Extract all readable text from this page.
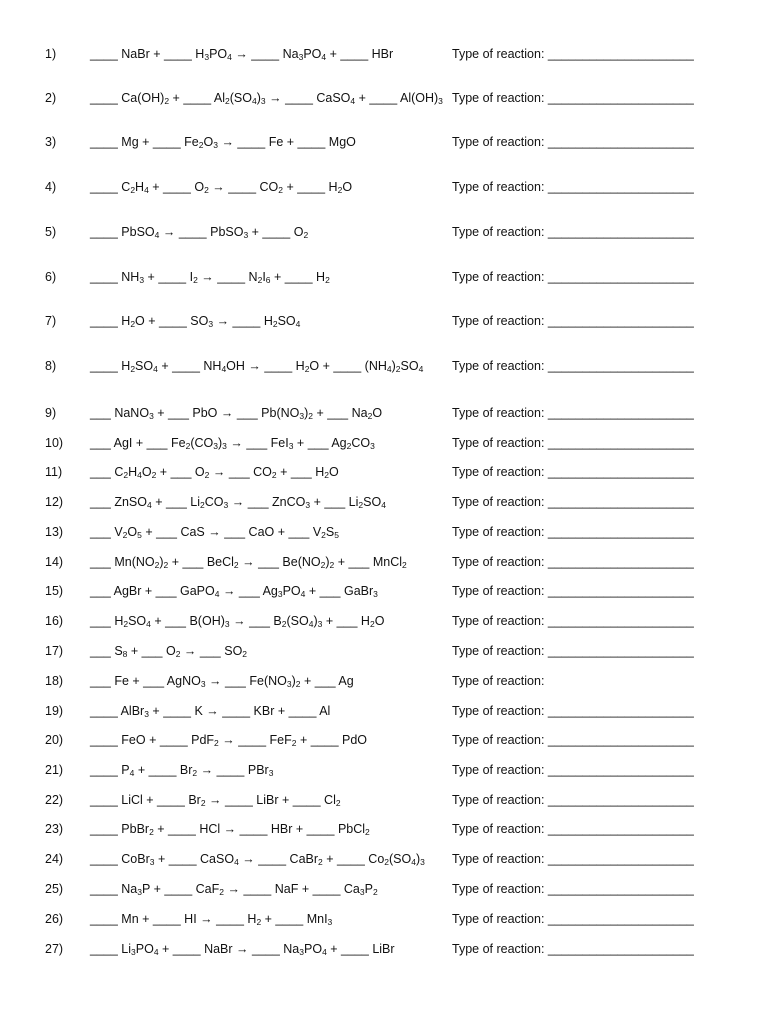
1)	____ NaBr + ____ $H_3PO_4$ → ____ $Na_3PO_4$ + ____ HBr	Type of reaction: _____________________
2)	____ $Ca(OH)_2$ + ____ $Al_2(SO_4)_3$ → ____ CaSO$_4$ + ____ $Al(OH)_3$ Type of reaction: _____________________
3)	____ Mg + ____ $Fe_2O_3$ → ____ Fe + ____ MgO	Type of reaction: _____________________
4)	____ $C_2H_4$ + ____ $O_2$ → ____ $CO_2$ + ____ $H_2O$	Type of reaction: _____________________
5)	____ PbSO$_4$ → ____ PbSO$_3$ + ____ $O_2$	Type of reaction: _____________________
6)	____ $NH_3$ + ____ $I_2$ → ____ $N_2I_6$ + ____ $H_2$	Type of reaction: _____________________
7)	____ $H_2O$ + ____ $SO_3$ → ____ $H_2SO_4$	Type of reaction: _____________________
8)	____ $H_2SO_4$ + ____ $NH_4OH$ → ____ $H_2O$ + ____ $(NH_4)_2SO_4$ Type of reaction: _____________________
9)	___ NaNO$_3$ + ___ PbO → ___ $Pb(NO_3)_2$ + ___ $Na_2O$	Type of reaction: _____________________
10) ___ AgI + ___ $Fe_2(CO_3)_3$ → ___ FeI$_3$ + ___ $Ag_2CO_3$	Type of reaction: _____________________
11) ___ $C_2H_4O_2$ + ___ $O_2$ → ___ $CO_2$ + ___ $H_2O$	Type of reaction: _____________________
12) ___ ZnSO$_4$ + ___ $Li_2CO_3$ → ___ ZnCO$_3$ + ___ $Li_2SO_4$	Type of reaction: _____________________
13) ___ $V_2O_5$ + ___ CaS → ___ CaO + ___ $V_2S_5$	Type of reaction: _____________________
14) ___ $Mn(NO_2)_2$ + ___ BeCl$_2$ → ___ $Be(NO_2)_2$ + ___ MnCl$_2$	Type of reaction: _____________________
15) ___ AgBr + ___ GaPO$_4$ → ___ $Ag_3PO_4$ + ___ GaBr$_3$	Type of reaction: _____________________
16) ___ $H_2SO_4$ + ___ $B(OH)_3$ → ___ $B_2(SO_4)_3$ + ___ $H_2O$	Type of reaction: _____________________
17) ___ $S_8$ + ___ $O_2$ → ___ $SO_2$	Type of reaction: _____________________
18) ___ Fe + ___ AgNO$_3$ → ___ $Fe(NO_3)_2$ + ___ Ag	Type of reaction:
19) ____ AlBr$_3$ + ____ K → ____ KBr + ____ Al	Type of reaction: _____________________
20) ____ FeO + ____ PdF$_2$ → ____ FeF$_2$ + ____ PdO	Type of reaction: _____________________
21) ____ $P_4$ + ____ $Br_2$ → ____ PBr$_3$	Type of reaction: _____________________
22) ____ LiCl + ____ $Br_2$ → ____ LiBr + ____ $Cl_2$	Type of reaction: _____________________
23) ____ PbBr$_2$ + ____ HCl → ____ HBr + ____ PbCl$_2$	Type of reaction: _____________________
24) ____ CoBr$_3$ + ____ CaSO$_4$ → ____ CaBr$_2$ + ____ $Co_2(SO_4)_3$ Type of reaction: _____________________
25) ____ $Na_3P$ + ____ CaF$_2$ → ____ NaF + ____ $Ca_3P_2$	Type of reaction: _____________________
26) ____ Mn + ____ HI → ____ $H_2$ + ____ MnI$_3$	Type of reaction: _____________________
27) ____ $Li_3PO_4$ + ____ NaBr → ____ $Na_3PO_4$ + ____ LiBr	Type of reaction: _____________________
